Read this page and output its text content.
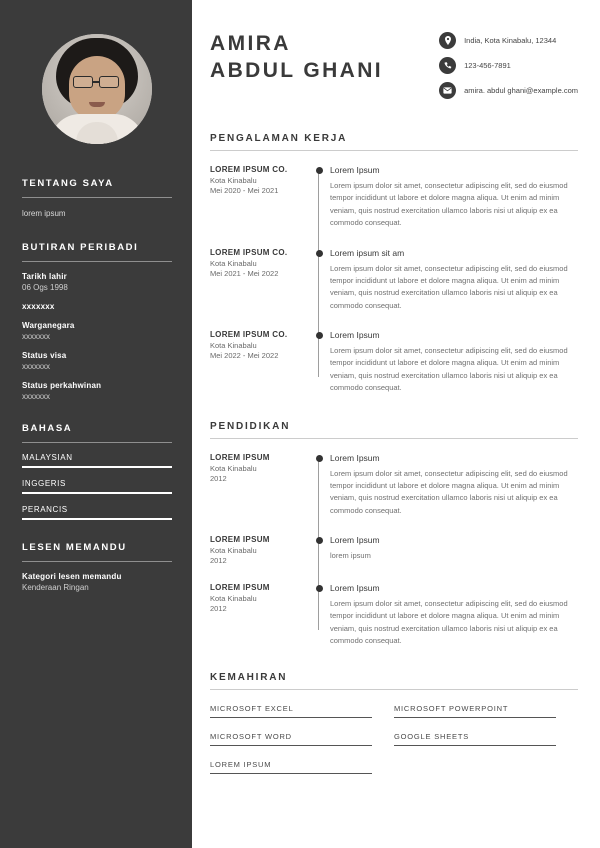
TENTANG SAYA
lorem ipsum
BUTIRAN PERIBADI
Tarikh lahir
06 Ogs 1998
xxxxxxx
Warganegara
xxxxxxx
Status visa
xxxxxxx
Status perkahwinan
xxxxxxx
BAHASA
MALAYSIAN
INGGERIS
PERANCIS
LESEN MEMANDU
Kategori lesen memandu
Kenderaan Ringan
AMIRA
ABDUL GHANI
India, Kota Kinabalu, 12344
123-456-7891
amira. abdul ghani@example.com
PENGALAMAN KERJA
LOREM IPSUM CO.
Kota Kinabalu
Mei 2020 - Mei 2021
Lorem Ipsum
Lorem ipsum dolor sit amet, consectetur adipiscing elit, sed do eiusmod tempor incididunt ut labore et dolore magna aliqua. Ut enim ad minim veniam, quis nostrud exercitation ullamco laboris nisi ut aliquip ex ea commodo consequat.
LOREM IPSUM CO.
Kota Kinabalu
Mei 2021 - Mei 2022
Lorem ipsum sit am
Lorem ipsum dolor sit amet, consectetur adipiscing elit, sed do eiusmod tempor incididunt ut labore et dolore magna aliqua. Ut enim ad minim veniam, quis nostrud exercitation ullamco laboris nisi ut aliquip ex ea commodo consequat.
LOREM IPSUM CO.
Kota Kinabalu
Mei 2022 - Mei 2022
Lorem Ipsum
Lorem ipsum dolor sit amet, consectetur adipiscing elit, sed do eiusmod tempor incididunt ut labore et dolore magna aliqua. Ut enim ad minim veniam, quis nostrud exercitation ullamco laboris nisi ut aliquip ex ea commodo consequat.
PENDIDIKAN
LOREM IPSUM
Kota Kinabalu
2012
Lorem Ipsum
Lorem ipsum dolor sit amet, consectetur adipiscing elit, sed do eiusmod tempor incididunt ut labore et dolore magna aliqua. Ut enim ad minim veniam, quis nostrud exercitation ullamco laboris nisi ut aliquip ex ea commodo consequat.
LOREM IPSUM
Kota Kinabalu
2012
Lorem Ipsum
lorem ipsum
LOREM IPSUM
Kota Kinabalu
2012
Lorem Ipsum
Lorem ipsum dolor sit amet, consectetur adipiscing elit, sed do eiusmod tempor incididunt ut labore et dolore magna aliqua. Ut enim ad minim veniam, quis nostrud exercitation ullamco laboris nisi ut aliquip ex ea commodo consequat.
KEMAHIRAN
MICROSOFT EXCEL	MICROSOFT POWERPOINT
MICROSOFT WORD	GOOGLE SHEETS
LOREM IPSUM
